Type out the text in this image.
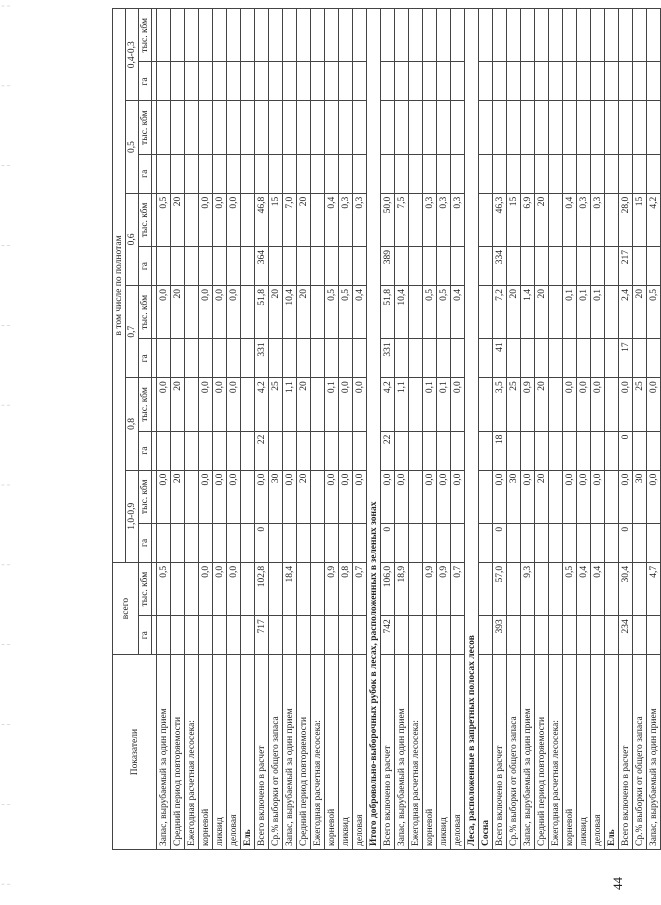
¦
¦
¦
¦
¦
¦
¦
¦
¦
¦
¦
¦
Показатели	всего		в том числе по полнотам											
			1,0-0,9		0,8		0,7		0,6		0,5		0,4-0,3	
	га	тыс. кбм	га	тыс. кбм	га	тыс. кбм	га	тыс. кбм	га	тыс. кбм	га	тыс. кбм	га	тыс. кбм

Запас, вырубаемый за один прием		0,5		0,0		0,0		0,0		0,5				
Средний период повторяемости				20		20		20		20				
Ежегодная расчетная лесосека:														
корневой		0,0		0,0		0,0		0,0		0,0				
ликвид		0,0		0,0		0,0		0,0		0,0				
деловая		0,0		0,0		0,0		0,0		0,0				
Ель														
Всего включено в расчет	717	102,8	0	0,0	22	4,2	331	51,8	364	46,8				
Ср.% выборки от общего запаса				30		25		20		15				
Запас, вырубаемый за один прием		18,4		0,0		1,1		10,4		7,0				
Средний период повторяемости				20		20		20		20				
Ежегодная расчетная лесосека:														
корневой		0,9		0,0		0,1		0,5		0,4				
ликвид		0,8		0,0		0,0		0,5		0,3				
деловая		0,7		0,0		0,0		0,4		0,3				
Итого добровольно-выборочных рубок в лесах, расположенных в зеленых зонах														
Всего включено в расчет	742	106,0	0	0,0	22	4,2	331	51,8	389	50,0				
Запас, вырубаемый за один прием		18,9		0,0		1,1		10,4		7,5				
Ежегодная расчетная лесосека:														
корневой		0,9		0,0		0,1		0,5		0,3				
ликвид		0,9		0,0		0,1		0,5		0,3				
деловая		0,7		0,0		0,0		0,4		0,3				
Леса, расположенные в запретных полосах лесов														
Сосна														
Всего включено в расчет	393	57,0	0	0,0	18	3,5	41	7,2	334	46,3				
Ср.% выборки от общего запаса				30		25		20		15				
Запас, вырубаемый за один прием		9,3		0,0		0,9		1,4		6,9				
Средний период повторяемости				20		20		20		20				
Ежегодная расчетная лесосека:														
корневой		0,5		0,0		0,0		0,1		0,4				
ликвид		0,4		0,0		0,0		0,1		0,3				
деловая		0,4		0,0		0,0		0,1		0,3				
Ель														
Всего включено в расчет	234	30,4	0	0,0	0	0,0	17	2,4	217	28,0				
Ср.% выборки от общего запаса				30		25		20		15				
Запас, вырубаемый за один прием		4,7		0,0		0,0		0,5		4,2				
44
